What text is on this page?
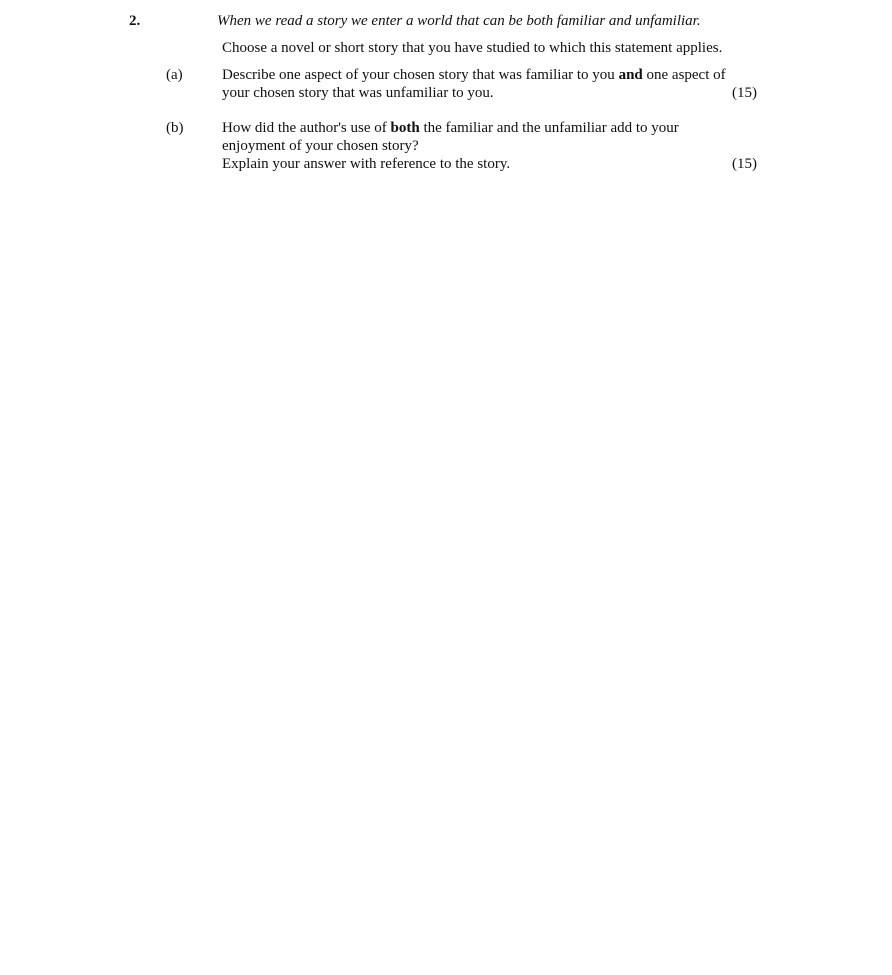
2.	When we read a story we enter a world that can be both familiar and unfamiliar.
Choose a novel or short story that you have studied to which this statement applies.
(a)	Describe one aspect of your chosen story that was familiar to you and one aspect of
your chosen story that was unfamiliar to you.	(15)
(b)	How did the author's use of both the familiar and the unfamiliar add to your
enjoyment of your chosen story?
Explain your answer with reference to the story.	(15)
